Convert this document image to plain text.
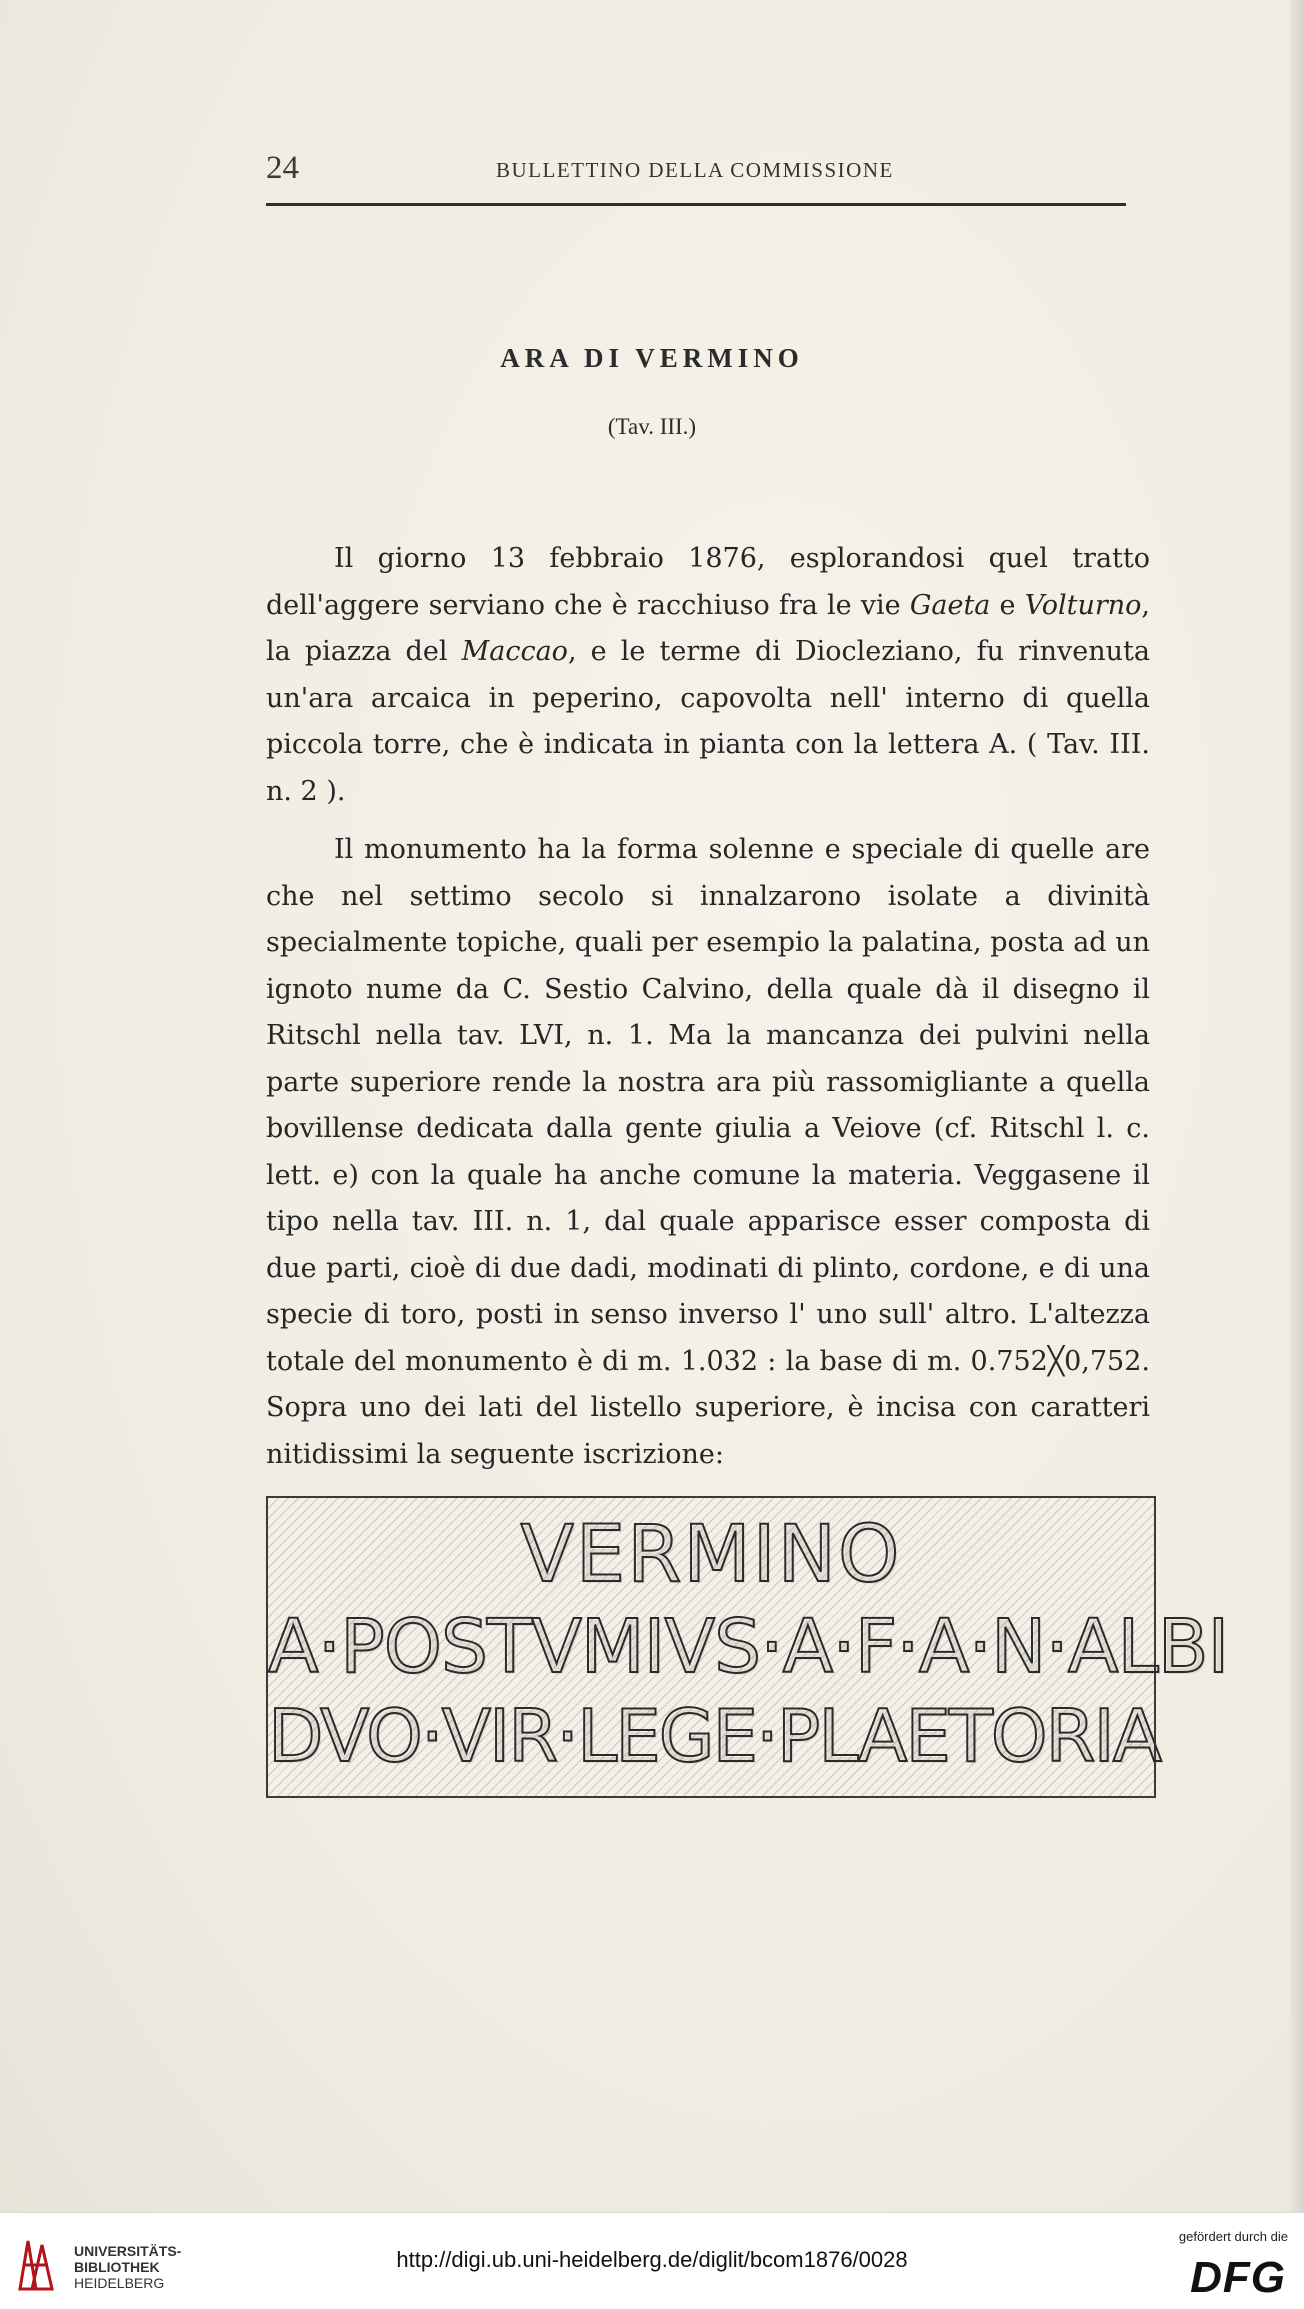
24	BULLETTINO DELLA COMMISSIONE
ARA DI VERMINO
(Tav. III.)

Il giorno 13 febbraio 1876, esplorandosi quel tratto dell'aggere serviano che è racchiuso fra le vie Gaeta e Volturno, la piazza del Maccao, e le terme di Diocleziano, fu rinvenuta un'ara arcaica in peperino, capovolta nell' interno di quella piccola torre, che è indicata in pianta con la lettera A. ( Tav. III. n. 2 ).

Il monumento ha la forma solenne e speciale di quelle are che nel settimo secolo si innalzarono isolate a divinità specialmente topiche, quali per esempio la palatina, posta ad un ignoto nume da C. Sestio Calvino, della quale dà il disegno il Ritschl nella tav. LVI, n. 1. Ma la mancanza dei pulvini nella parte superiore rende la nostra ara più rassomigliante a quella bovillense dedicata dalla gente giulia a Veiove (cf. Ritschl l. c. lett. e) con la quale ha anche comune la materia. Veggasene il tipo nella tav. III. n. 1, dal quale apparisce esser composta di due parti, cioè di due dadi, modinati di plinto, cordone, e di una specie di toro, posti in senso inverso l' uno sull' altro. L'altezza totale del monumento è di m. 1.032 : la base di m. 0.752╳0,752. Sopra uno dei lati del listello superiore, è incisa con caratteri nitidissimi la seguente iscrizione:

VERMINO
A·POSTVMIVS·A·F·A·N·ALBI
DVO·VIR·LEGE·PLAETORIA
UNIVERSITÄTS-
BIBLIOTHEK
HEIDELBERG
http://digi.ub.uni-heidelberg.de/diglit/bcom1876/0028
gefördert durch die
DFG
